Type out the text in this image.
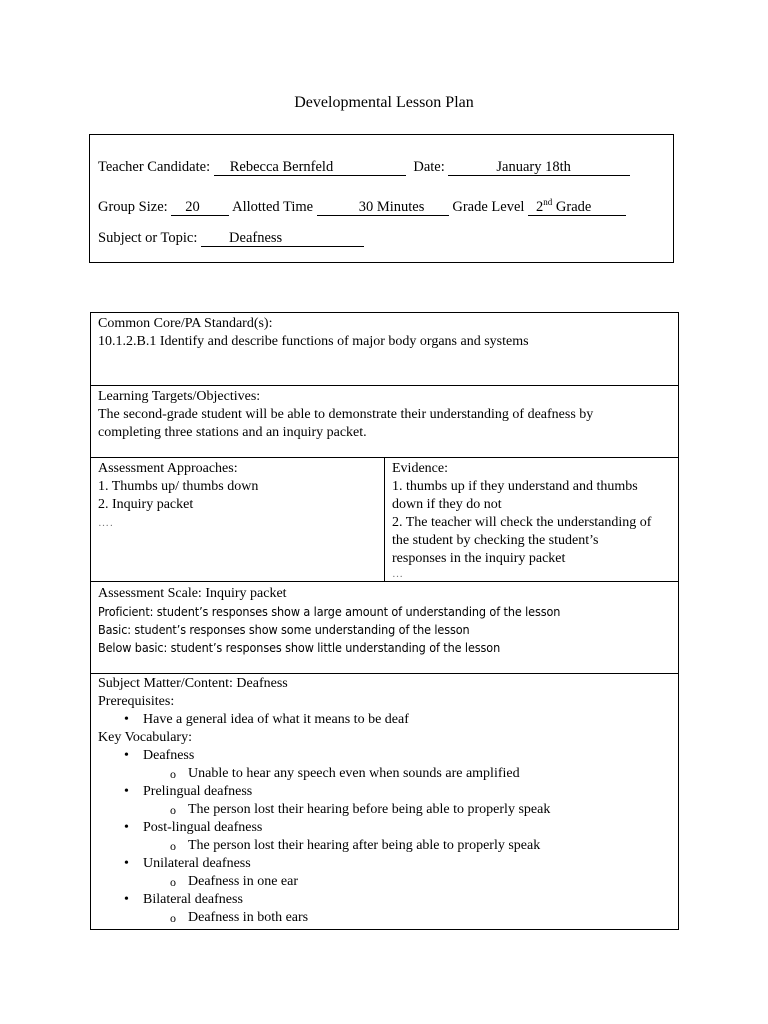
Developmental Lesson Plan
Teacher Candidate: Rebecca Bernfeld	Date:	January 18th
Group Size: 20 Allotted Time	30 Minutes Grade Level 2nd Grade
Subject or Topic: Deafness
Common Core/PA Standard(s):
10.1.2.B.1 Identify and describe functions of major body organs and systems
Learning Targets/Objectives:
The second-grade student will be able to demonstrate their understanding of deafness by
completing three stations and an inquiry packet.
Assessment Approaches:
1. Thumbs up/ thumbs down
2. Inquiry packet
….
Evidence:
1. thumbs up if they understand and thumbs
down if they do not
2. The teacher will check the understanding of
the student by checking the student’s
responses in the inquiry packet
…
Assessment Scale: Inquiry packet
Proficient: student’s responses show a large amount of understanding of the lesson
Basic: student’s responses show some understanding of the lesson
Below basic: student’s responses show little understanding of the lesson
Subject Matter/Content: Deafness
Prerequisites:
• Have a general idea of what it means to be deaf
Key Vocabulary:
• Deafness
o Unable to hear any speech even when sounds are amplified
• Prelingual deafness
o The person lost their hearing before being able to properly speak
• Post-lingual deafness
o The person lost their hearing after being able to properly speak
• Unilateral deafness
o Deafness in one ear
• Bilateral deafness
o Deafness in both ears
